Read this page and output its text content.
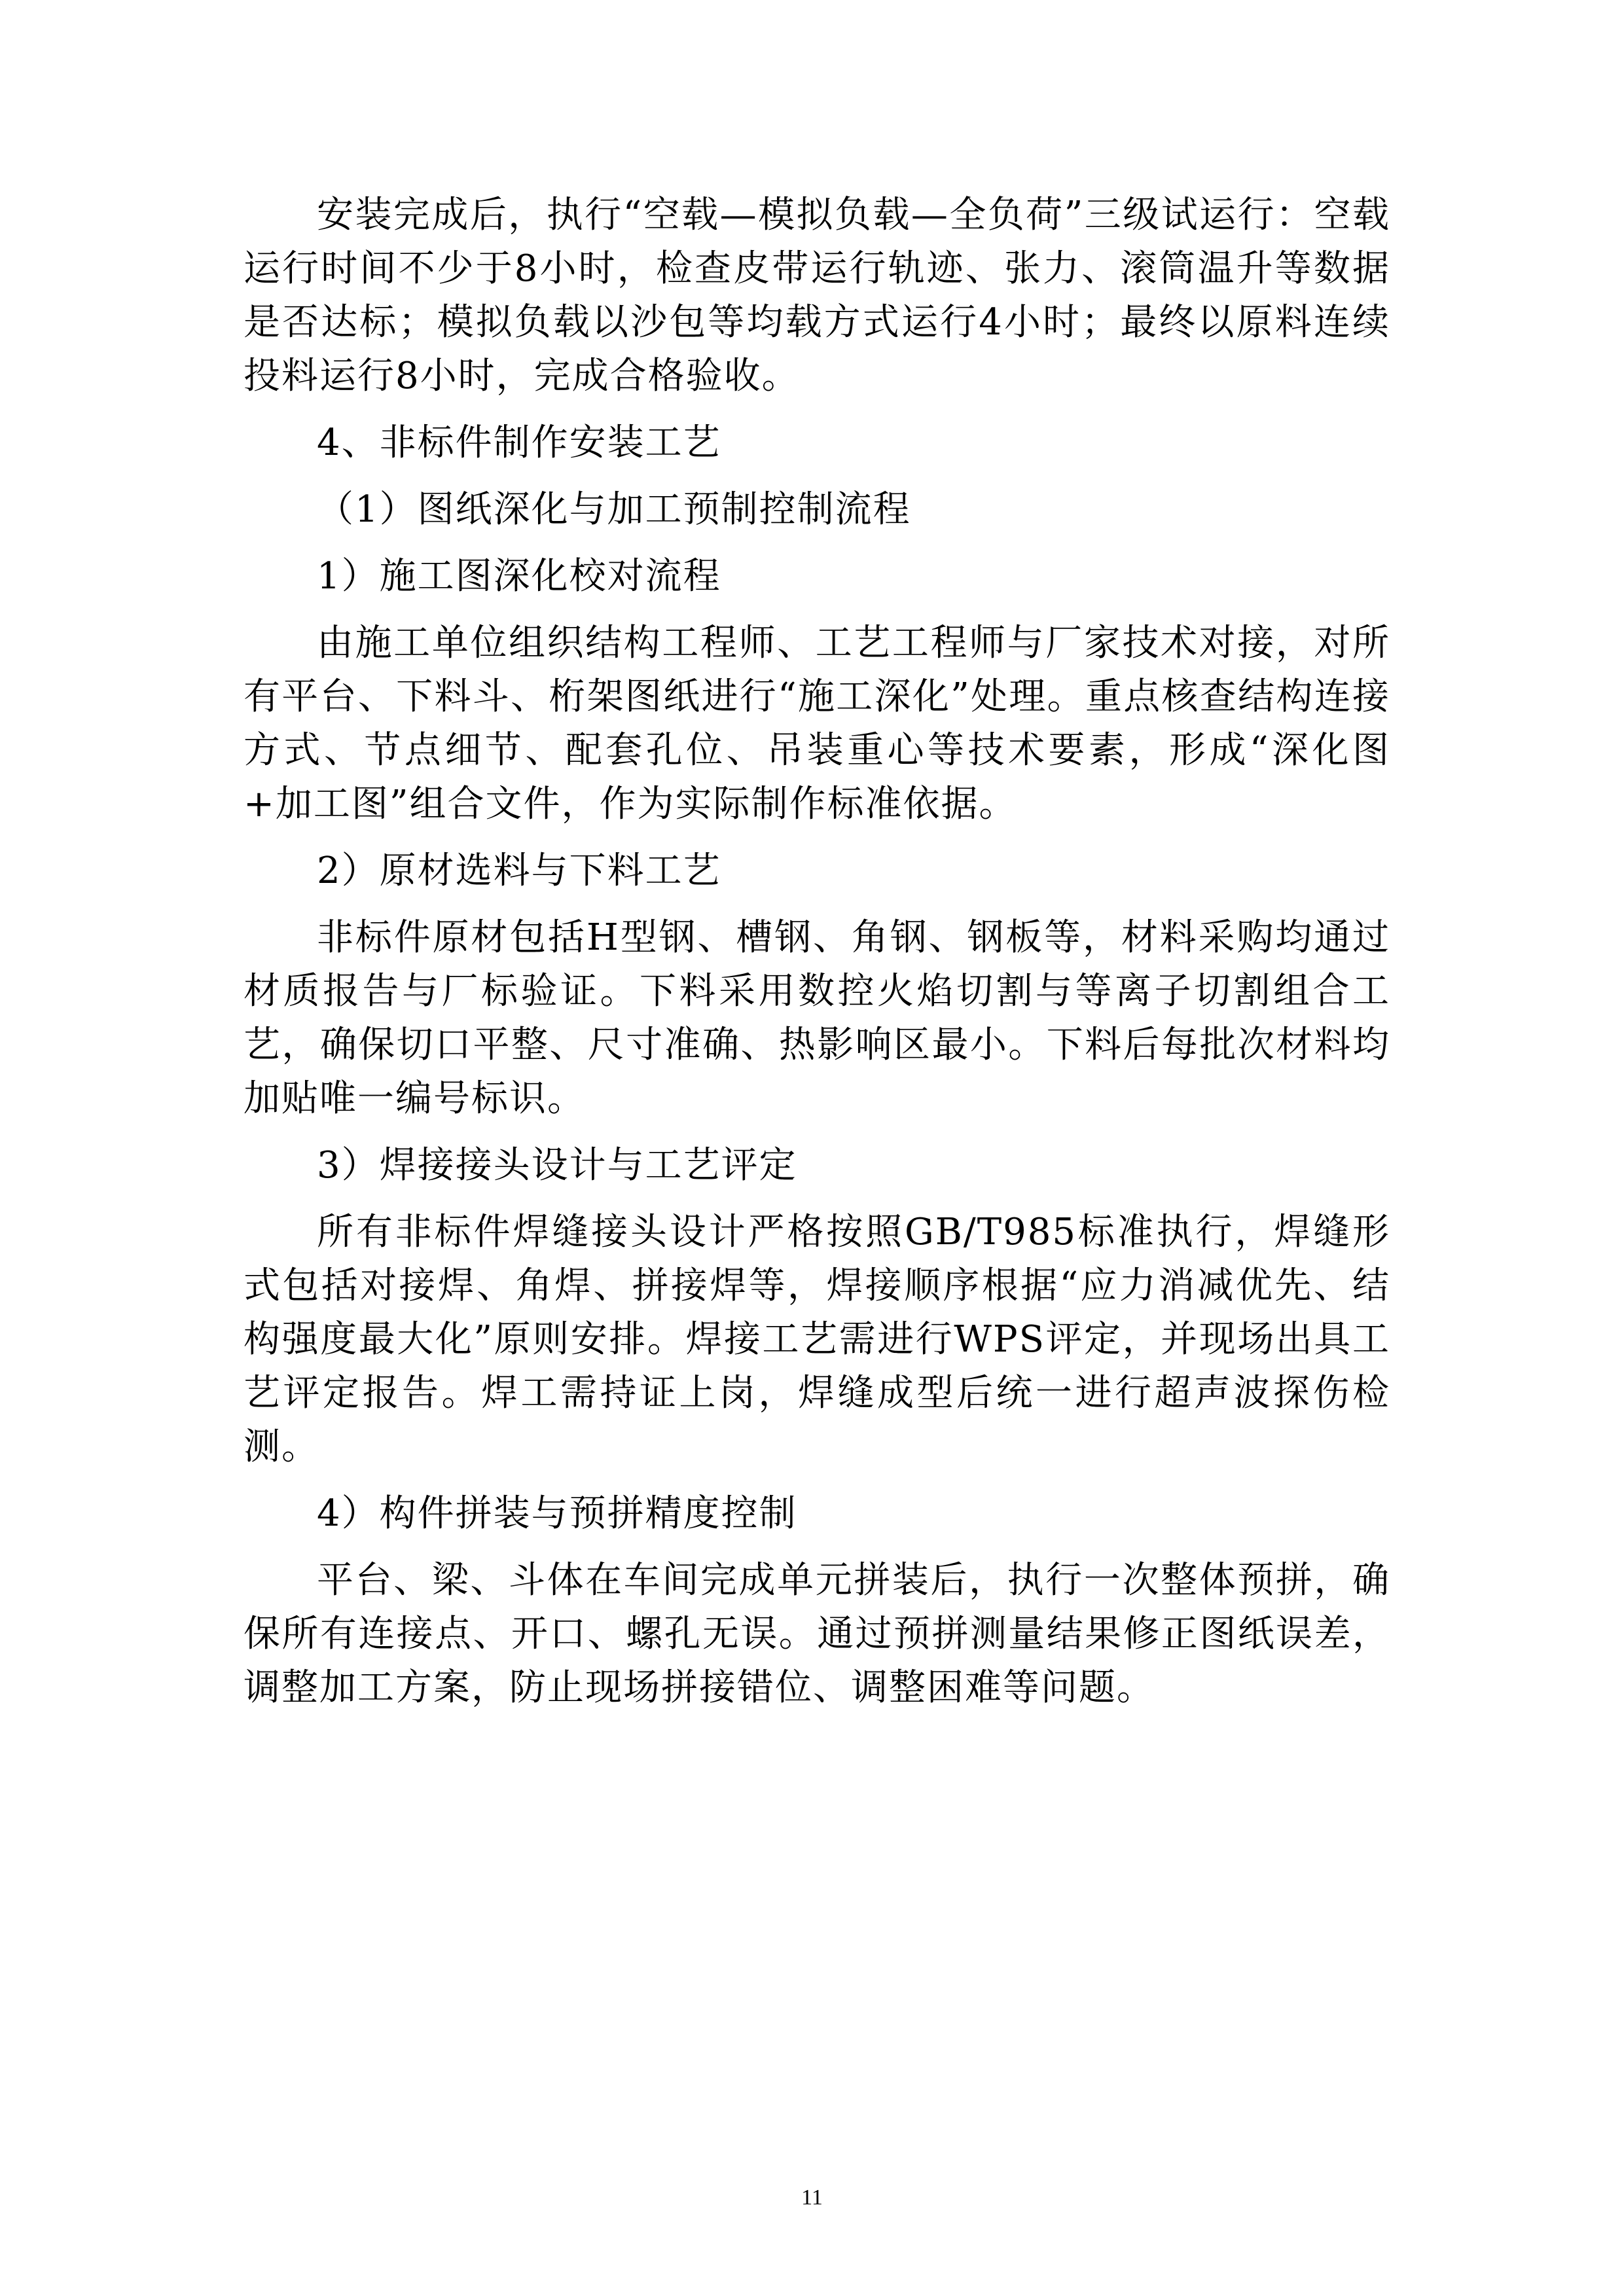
安装完成后，执行“空载—模拟负载—全负荷”三级试运行：空载运行时间不少于8小时，检查皮带运行轨迹、张力、滚筒温升等数据是否达标；模拟负载以沙包等均载方式运行4小时；最终以原料连续投料运行8小时，完成合格验收。

4、非标件制作安装工艺

（1）图纸深化与加工预制控制流程

1）施工图深化校对流程

由施工单位组织结构工程师、工艺工程师与厂家技术对接，对所有平台、下料斗、桁架图纸进行“施工深化”处理。重点核查结构连接方式、节点细节、配套孔位、吊装重心等技术要素，形成“深化图+加工图”组合文件，作为实际制作标准依据。

2）原材选料与下料工艺

非标件原材包括H型钢、槽钢、角钢、钢板等，材料采购均通过材质报告与厂标验证。下料采用数控火焰切割与等离子切割组合工艺，确保切口平整、尺寸准确、热影响区最小。下料后每批次材料均加贴唯一编号标识。

3）焊接接头设计与工艺评定

所有非标件焊缝接头设计严格按照GB/T985标准执行，焊缝形式包括对接焊、角焊、拼接焊等，焊接顺序根据“应力消减优先、结构强度最大化”原则安排。焊接工艺需进行WPS评定，并现场出具工艺评定报告。焊工需持证上岗，焊缝成型后统一进行超声波探伤检测。

4）构件拼装与预拼精度控制

平台、梁、斗体在车间完成单元拼装后，执行一次整体预拼，确保所有连接点、开口、螺孔无误。通过预拼测量结果修正图纸误差，调整加工方案，防止现场拼接错位、调整困难等问题。

11
